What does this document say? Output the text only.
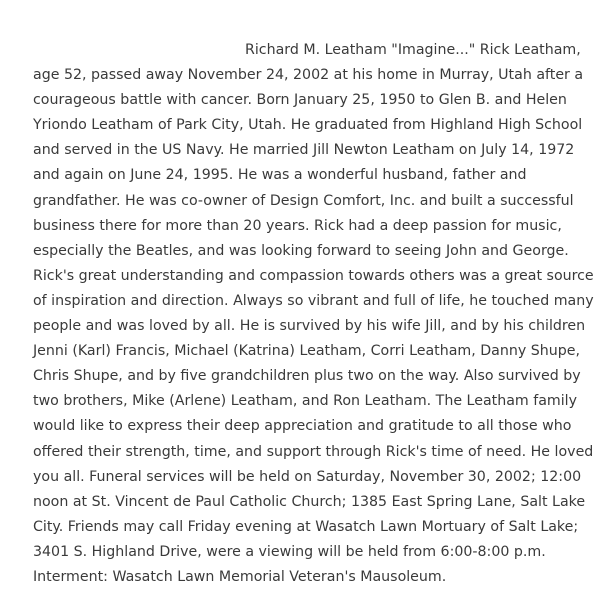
Richard M. Leatham "Imagine..." Rick Leatham,
age 52, passed away November 24, 2002 at his home in Murray, Utah after a
courageous battle with cancer. Born January 25, 1950 to Glen B. and Helen
Yriondo Leatham of Park City, Utah. He graduated from Highland High School
and served in the US Navy. He married Jill Newton Leatham on July 14, 1972
and again on June 24, 1995. He was a wonderful husband, father and
grandfather. He was co-owner of Design Comfort, Inc. and built a successful
business there for more than 20 years. Rick had a deep passion for music,
especially the Beatles, and was looking forward to seeing John and George.
Rick's great understanding and compassion towards others was a great source
of inspiration and direction. Always so vibrant and full of life, he touched many
people and was loved by all. He is survived by his wife Jill, and by his children
Jenni (Karl) Francis, Michael (Katrina) Leatham, Corri Leatham, Danny Shupe,
Chris Shupe, and by five grandchildren plus two on the way. Also survived by
two brothers, Mike (Arlene) Leatham, and Ron Leatham. The Leatham family
would like to express their deep appreciation and gratitude to all those who
offered their strength, time, and support through Rick's time of need. He loved
you all. Funeral services will be held on Saturday, November 30, 2002; 12:00
noon at St. Vincent de Paul Catholic Church; 1385 East Spring Lane, Salt Lake
City. Friends may call Friday evening at Wasatch Lawn Mortuary of Salt Lake;
3401 S. Highland Drive, were a viewing will be held from 6:00-8:00 p.m.
Interment: Wasatch Lawn Memorial Veteran's Mausoleum.
